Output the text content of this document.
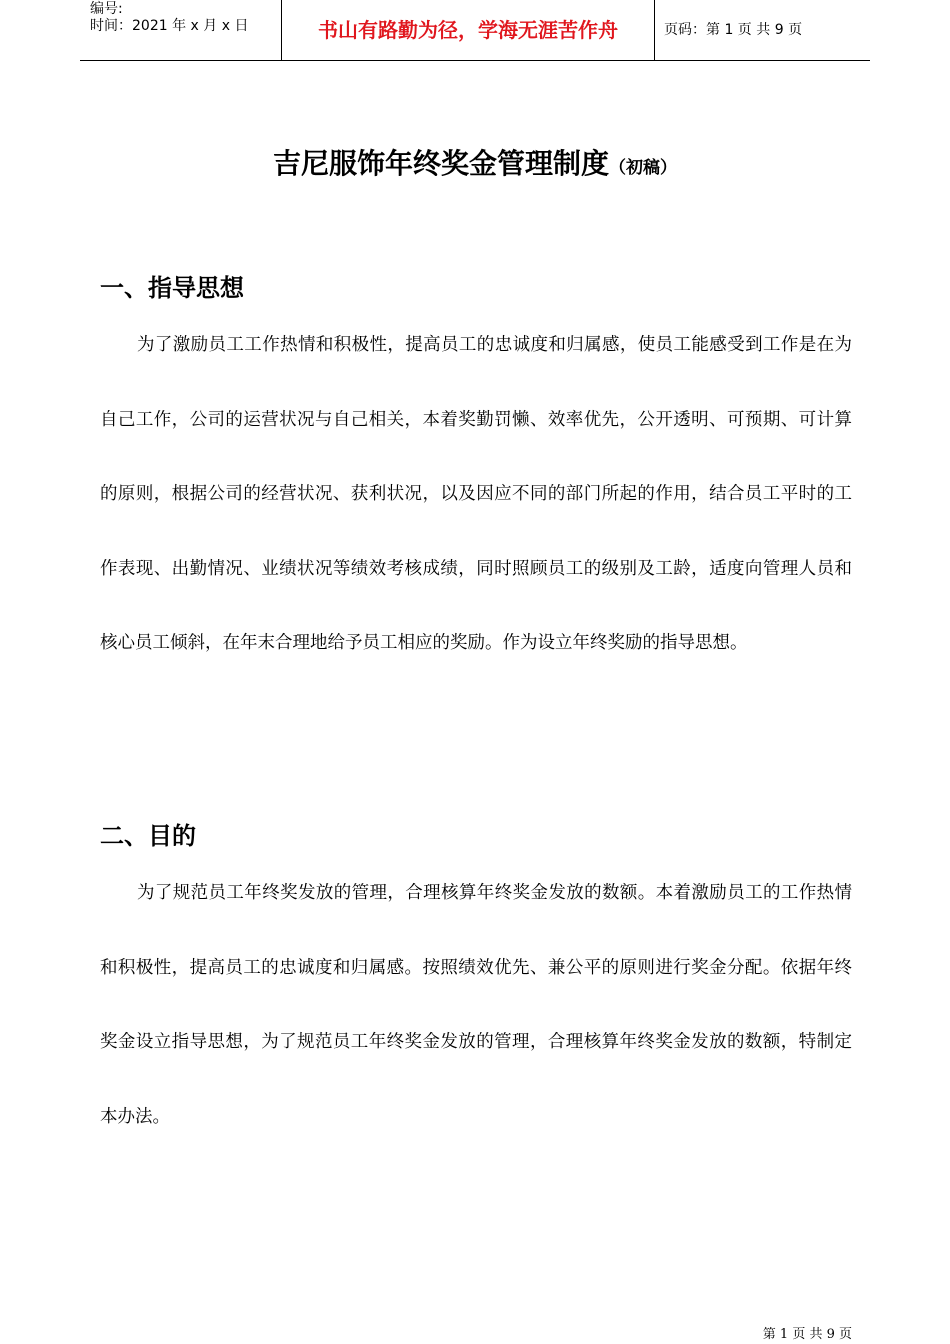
编号:
时间：2021 年 x 月 x 日	书山有路勤为径，学海无涯苦作舟	页码：第 1 页 共 9 页
吉尼服饰年终奖金管理制度（初稿）
一、指导思想

为了激励员工工作热情和积极性，提高员工的忠诚度和归属感，使员工能感受到工作是在为自己工作，公司的运营状况与自己相关，本着奖勤罚懒、效率优先，公开透明、可预期、可计算的原则，根据公司的经营状况、获利状况，以及因应不同的部门所起的作用，结合员工平时的工作表现、出勤情况、业绩状况等绩效考核成绩，同时照顾员工的级别及工龄，适度向管理人员和核心员工倾斜，在年末合理地给予员工相应的奖励。作为设立年终奖励的指导思想。

二、目的

为了规范员工年终奖发放的管理，合理核算年终奖金发放的数额。本着激励员工的工作热情和积极性，提高员工的忠诚度和归属感。按照绩效优先、兼公平的原则进行奖金分配。依据年终奖金设立指导思想，为了规范员工年终奖金发放的管理，合理核算年终奖金发放的数额，特制定本办法。

第 1 页 共 9 页
